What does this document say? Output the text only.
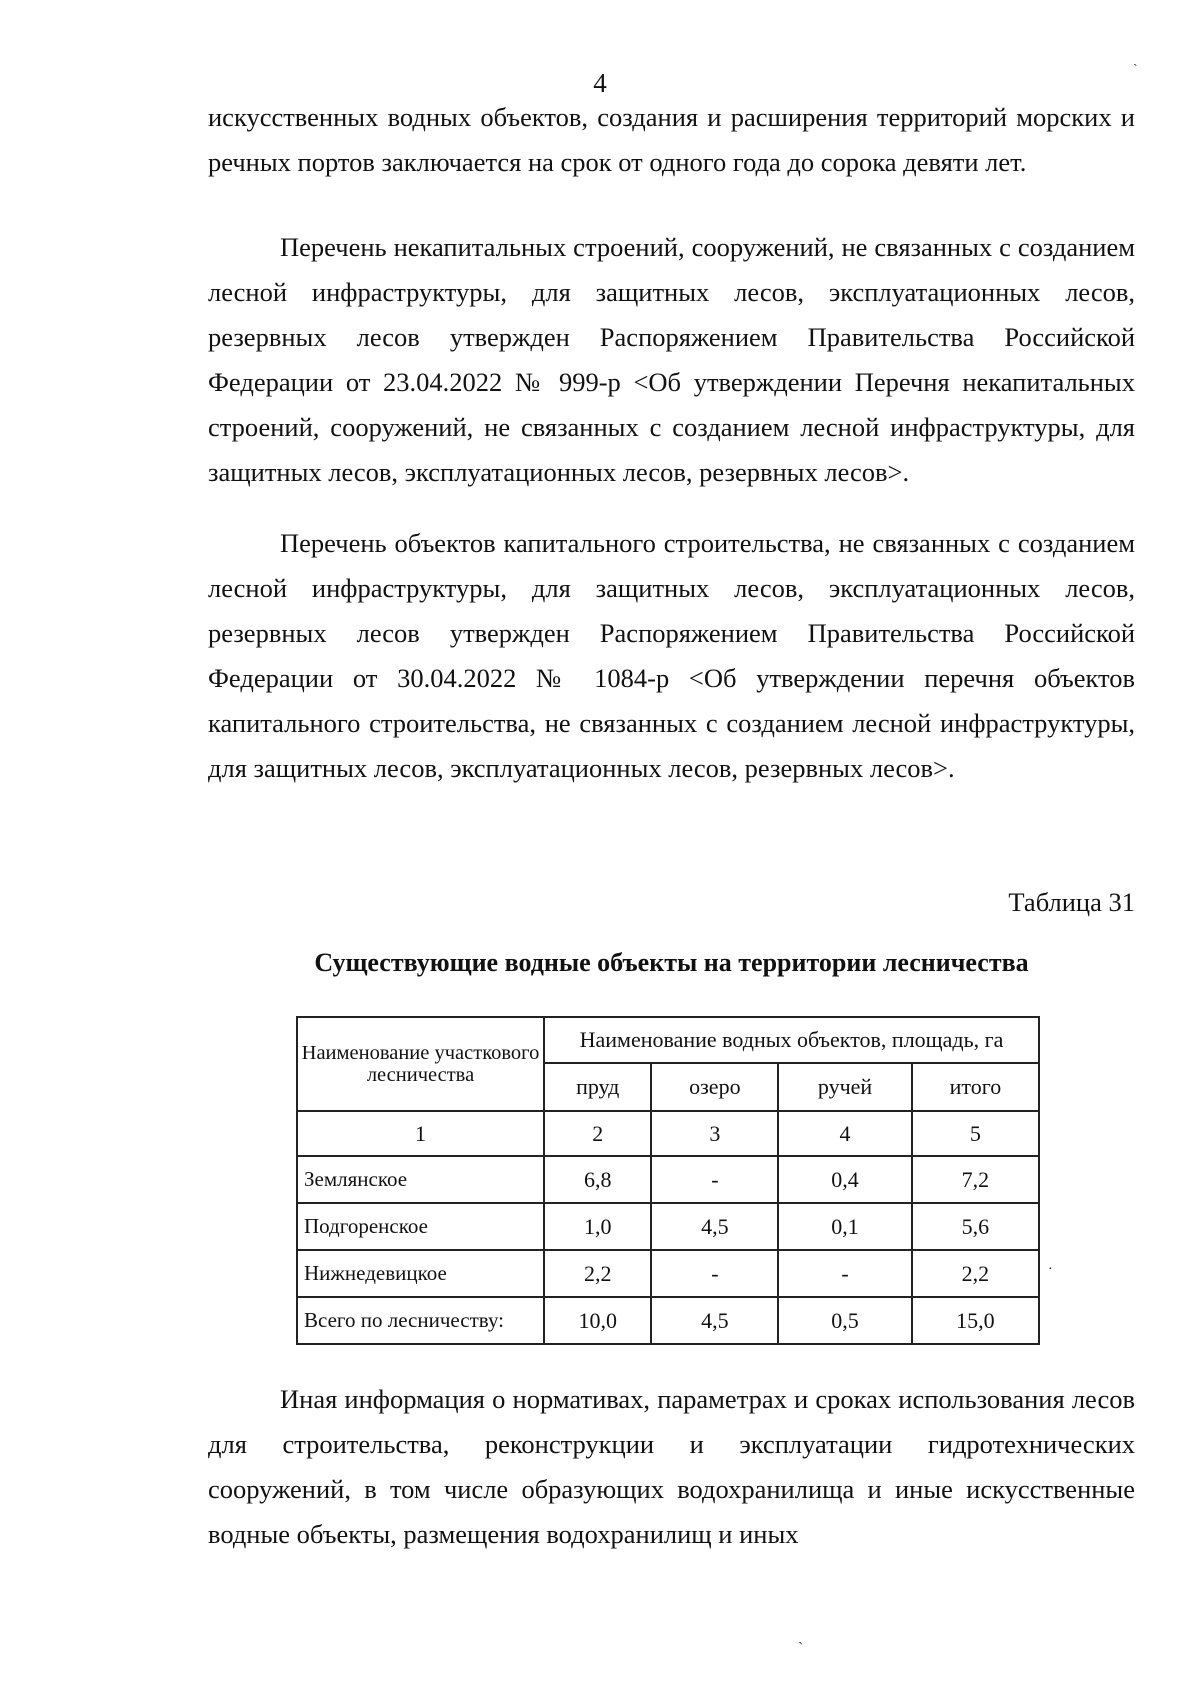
4
ˎ

искусственных водных объектов, создания и расширения территорий морских и речных портов заключается на срок от одного года до сорока девяти лет.

Перечень некапитальных строений, сооружений, не связанных с созданием лесной инфраструктуры, для защитных лесов, эксплуатационных лесов, резервных лесов утвержден Распоряжением Правительства Российской Федерации от 23.04.2022 № 999-р <Об утверждении Перечня некапитальных строений, сооружений, не связанных с созданием лесной инфраструктуры, для защитных лесов, эксплуатационных лесов, резервных лесов>.

Перечень объектов капитального строительства, не связанных с созданием лесной инфраструктуры, для защитных лесов, эксплуатационных лесов, резервных лесов утвержден Распоряжением Правительства Российской Федерации от 30.04.2022 № 1084-р <Об утверждении перечня объектов капитального строительства, не связанных с созданием лесной инфраструктуры, для защитных лесов, эксплуатационных лесов, резервных лесов>.

Таблица 31
Существующие водные объекты на территории лесничества
Наименование участкового лесничества	Наименование водных объектов, площадь, га			
	пруд	озеро	ручей	итого
1	2	3	4	5
Землянское	6,8	-	0,4	7,2
Подгоренское	1,0	4,5	0,1	5,6
Нижнедевицкое	2,2	-	-	2,2
Всего по лесничеству:	10,0	4,5	0,5	15,0
·

Иная информация о нормативах, параметрах и сроках использования лесов для строительства, реконструкции и эксплуатации гидротехнических сооружений, в том числе образующих водохранилища и иные искусственные водные объекты, размещения водохранилищ и иных

`
